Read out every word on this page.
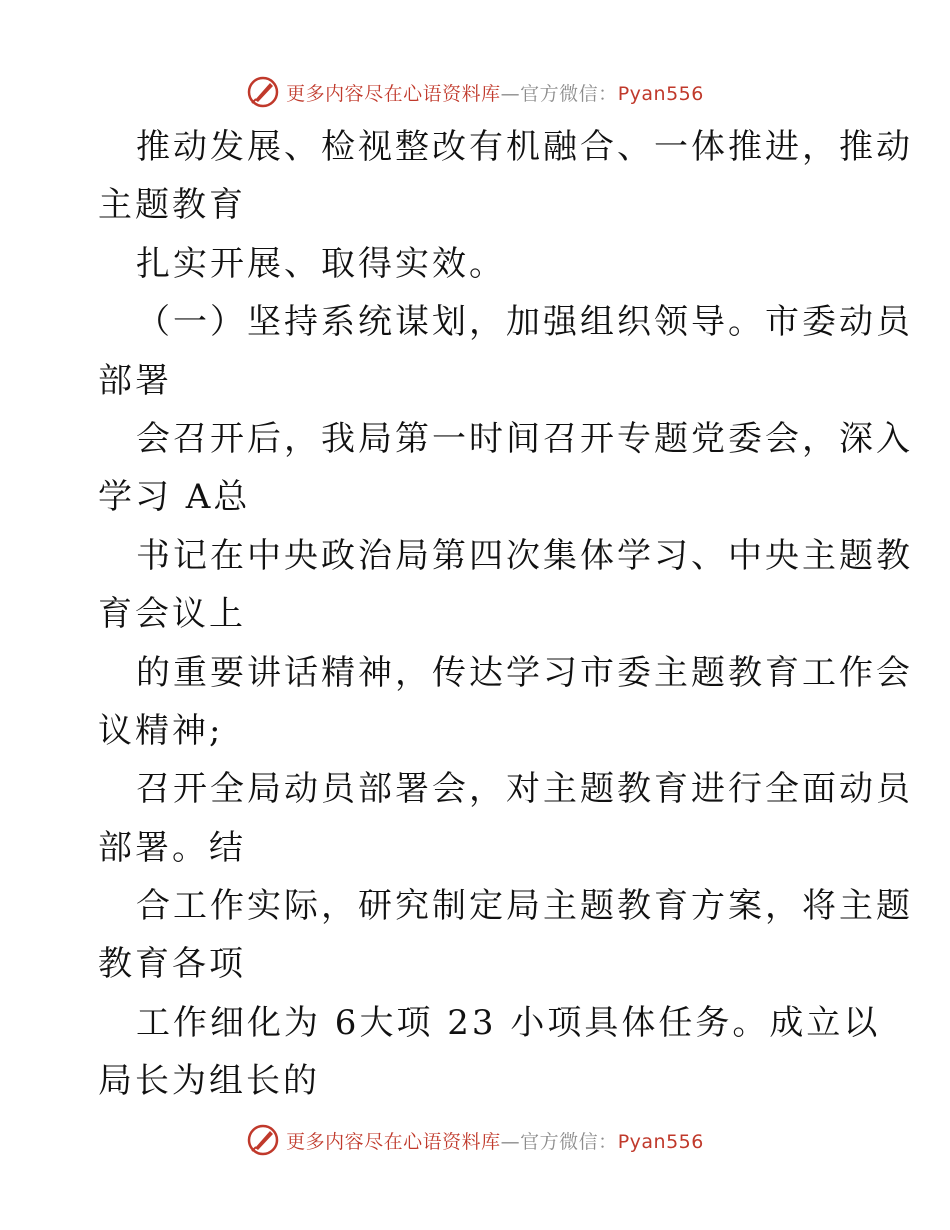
更多内容尽在心语资料库—官方微信：Pyan556
推动发展、检视整改有机融合、一体推进，推动
主题教育
扎实开展、取得实效。
（一）坚持系统谋划，加强组织领导。市委动员
部署
会召开后，我局第一时间召开专题党委会，深入
学习 A总
书记在中央政治局第四次集体学习、中央主题教
育会议上
的重要讲话精神，传达学习市委主题教育工作会
议精神;
召开全局动员部署会，对主题教育进行全面动员
部署。结
合工作实际，研究制定局主题教育方案，将主题
教育各项
工作细化为 6大项 23 小项具体任务。成立以
局长为组长的
更多内容尽在心语资料库—官方微信：Pyan556
